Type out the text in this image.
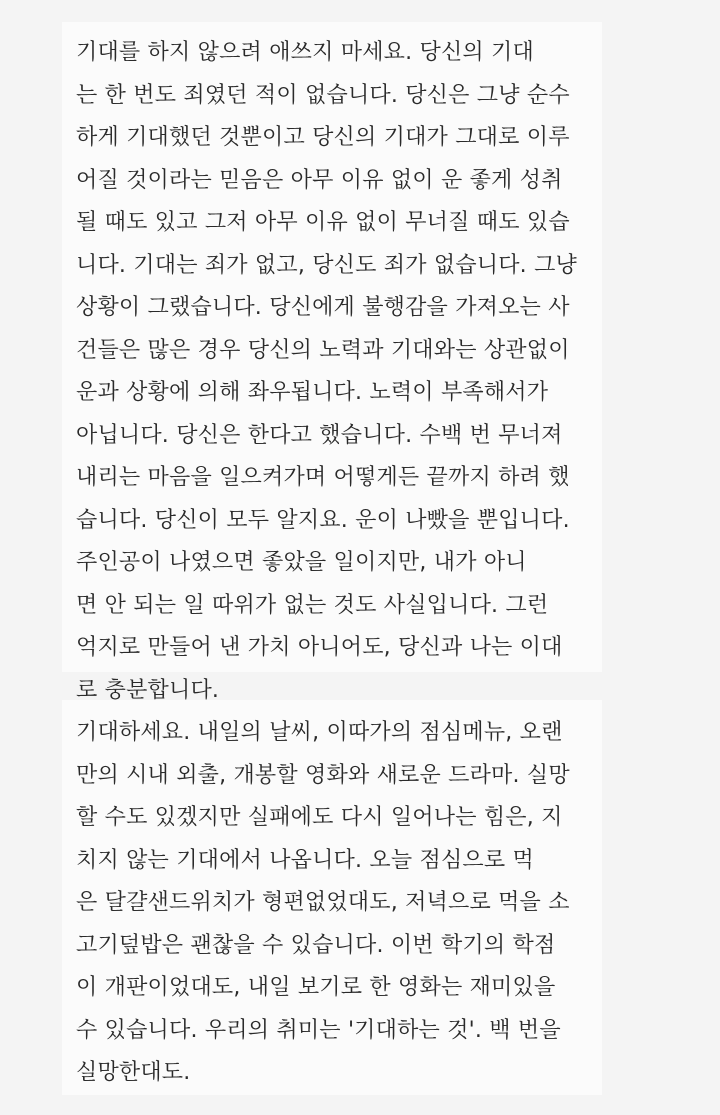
기대를 하지 않으려 애쓰지 마세요. 당신의 기대
는 한 번도 죄였던 적이 없습니다. 당신은 그냥 순수
하게 기대했던 것뿐이고 당신의 기대가 그대로 이루
어질 것이라는 믿음은 아무 이유 없이 운 좋게 성취
될 때도 있고 그저 아무 이유 없이 무너질 때도 있습
니다. 기대는 죄가 없고, 당신도 죄가 없습니다. 그냥
상황이 그랬습니다. 당신에게 불행감을 가져오는 사
건들은 많은 경우 당신의 노력과 기대와는 상관없이
운과 상황에 의해 좌우됩니다. 노력이 부족해서가
아닙니다. 당신은 한다고 했습니다. 수백 번 무너져
내리는 마음을 일으켜가며 어떻게든 끝까지 하려 했
습니다. 당신이 모두 알지요. 운이 나빴을 뿐입니다.
주인공이 나였으면 좋았을 일이지만, 내가 아니
면 안 되는 일 따위가 없는 것도 사실입니다. 그런
억지로 만들어 낸 가치 아니어도, 당신과 나는 이대
로 충분합니다.

기대하세요. 내일의 날씨, 이따가의 점심메뉴, 오랜
만의 시내 외출, 개봉할 영화와 새로운 드라마. 실망
할 수도 있겠지만 실패에도 다시 일어나는 힘은, 지
치지 않는 기대에서 나옵니다. 오늘 점심으로 먹
은 달걀샌드위치가 형편없었대도, 저녁으로 먹을 소
고기덮밥은 괜찮을 수 있습니다. 이번 학기의 학점
이 개판이었대도, 내일 보기로 한 영화는 재미있을
수 있습니다. 우리의 취미는 '기대하는 것'. 백 번을
실망한대도.
